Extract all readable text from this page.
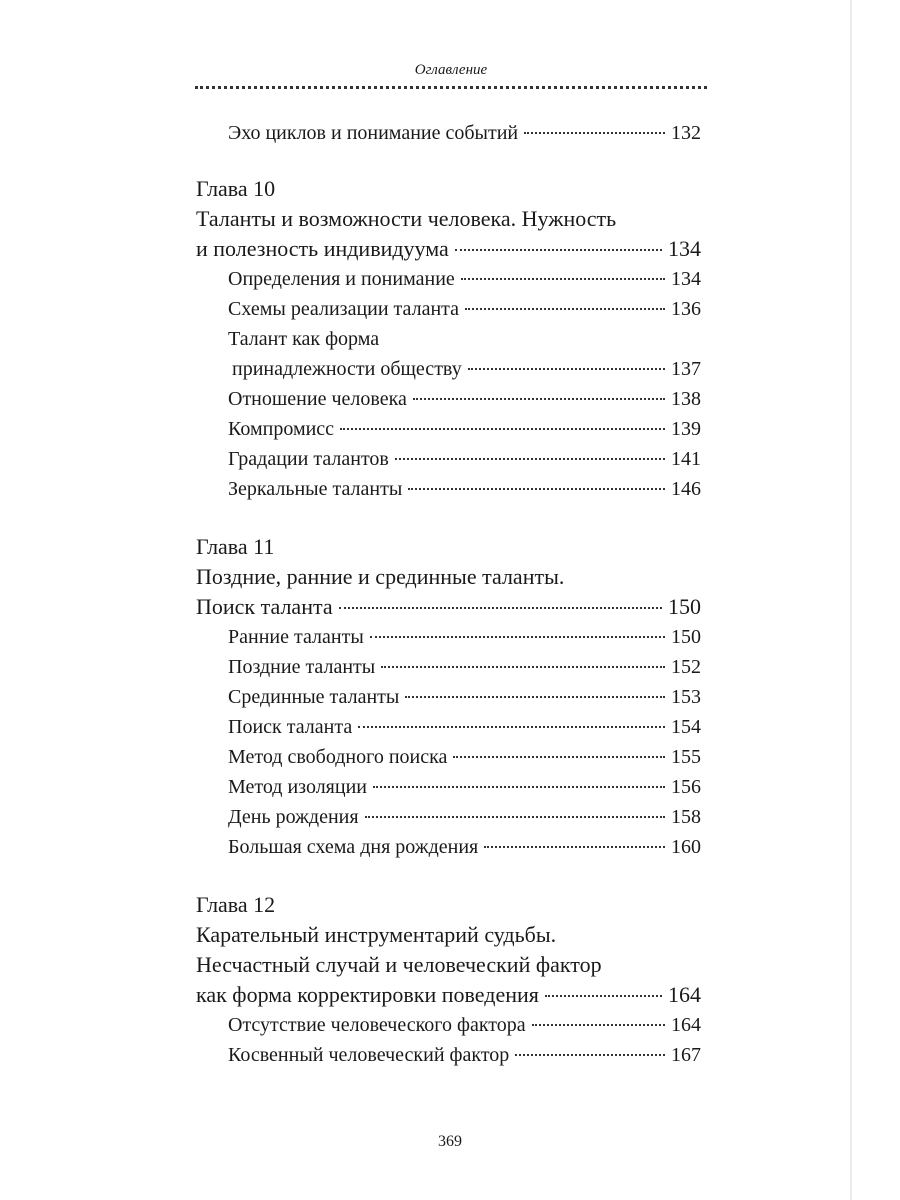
Оглавление
Эхо циклов и понимание событий	132
Глава 10
Таланты и возможности человека. Нужность
и полезность индивидуума	134
Определения и понимание	134
Схемы реализации таланта	136
Талант как форма
принадлежности обществу	137
Отношение человека	138
Компромисс	139
Градации талантов	141
Зеркальные таланты	146
Глава 11
Поздние, ранние и срединные таланты.
Поиск таланта	150
Ранние таланты	150
Поздние таланты	152
Срединные таланты	153
Поиск таланта	154
Метод свободного поиска	155
Метод изоляции	156
День рождения	158
Большая схема дня рождения	160
Глава 12
Карательный инструментарий судьбы.
Несчастный случай и человеческий фактор
как форма корректировки поведения	164
Отсутствие человеческого фактора	164
Косвенный человеческий фактор	167
369
